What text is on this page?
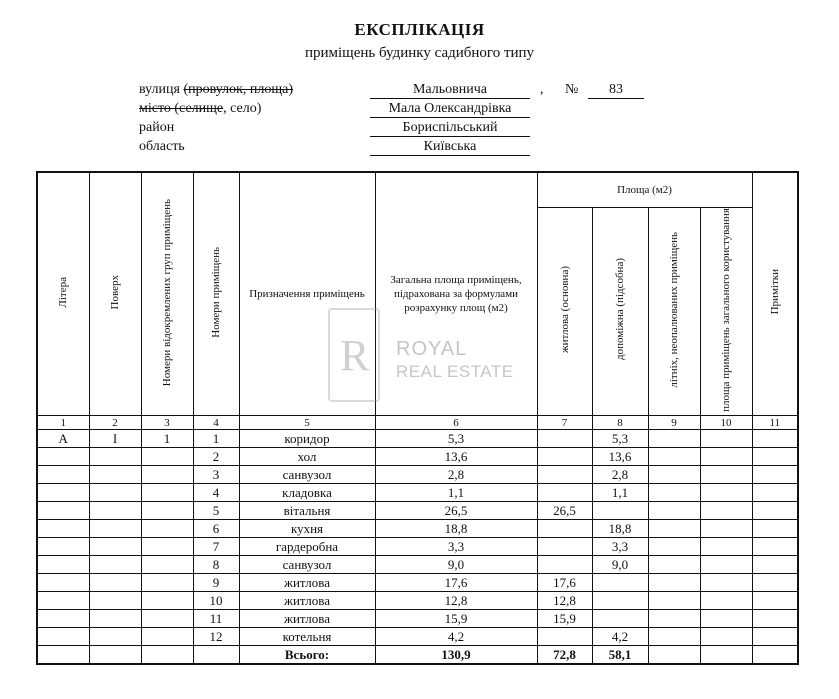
ЕКСПЛІКАЦІЯ
приміщень будинку садибного типу
вулиця (провулок, площа)	Мальовнича	, №	83
місто (селище, село)	Мала Олександрівка
район	Бориспільський
область	Київська
Літера	Поверх	Номери відокремлених груп приміщень	Номери приміщень	Призначення приміщень	Загальна площа приміщень, підрахована за формулами розрахунку площ (м2)	Площа (м2)				Примітки
						житлова (основна)	допоміжна (підсобна)	літніх, неопалюваних приміщень	площа приміщень загального користування	
1	2	3	4	5	6	7	8	9	10	11
А	І	1	1	коридор	5,3		5,3			
			2	хол	13,6		13,6			
			3	санвузол	2,8		2,8			
			4	кладовка	1,1		1,1			
			5	вітальня	26,5	26,5				
			6	кухня	18,8		18,8			
			7	гардеробна	3,3		3,3			
			8	санвузол	9,0		9,0			
			9	житлова	17,6	17,6				
			10	житлова	12,8	12,8				
			11	житлова	15,9	15,9				
			12	котельня	4,2		4,2			
				Всього:	130,9	72,8	58,1			
R ROYAL
REAL ESTATE
